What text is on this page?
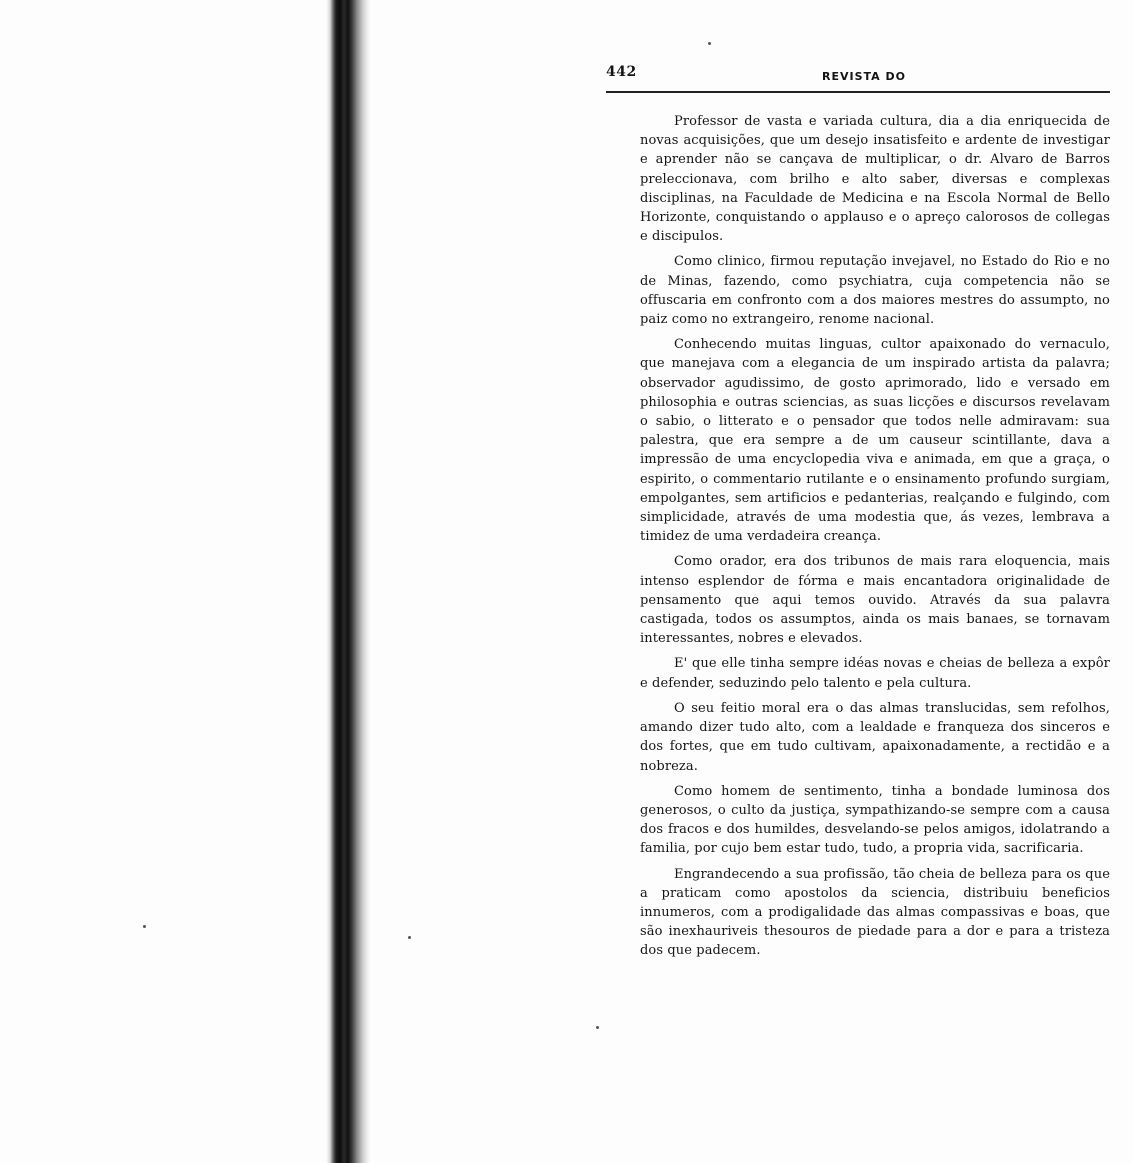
442	REVISTA DO

Professor de vasta e variada cultura, dia a dia enriquecida de novas acquisições, que um desejo insatisfeito e ardente de investigar e aprender não se cançava de multiplicar, o dr. Alvaro de Barros preleccionava, com brilho e alto saber, diversas e complexas disciplinas, na Faculdade de Medicina e na Escola Normal de Bello Horizonte, conquistando o applauso e o apreço calorosos de collegas e discipulos.

Como clinico, firmou reputação invejavel, no Estado do Rio e no de Minas, fazendo, como psychiatra, cuja competencia não se offuscaria em confronto com a dos maiores mestres do assumpto, no paiz como no extrangeiro, renome nacional.

Conhecendo muitas linguas, cultor apaixonado do vernaculo, que manejava com a elegancia de um inspirado artista da palavra; observador agudissimo, de gosto aprimorado, lido e versado em philosophia e outras sciencias, as suas licções e discursos revelavam o sabio, o litterato e o pensador que todos nelle admiravam: sua palestra, que era sempre a de um causeur scintillante, dava a impressão de uma encyclopedia viva e animada, em que a graça, o espirito, o commentario rutilante e o ensinamento profundo surgiam, empolgantes, sem artificios e pedanterias, realçando e fulgindo, com simplicidade, através de uma modestia que, ás vezes, lembrava a timidez de uma verdadeira creança.

Como orador, era dos tribunos de mais rara eloquencia, mais intenso esplendor de fórma e mais encantadora originalidade de pensamento que aqui temos ouvido. Através da sua palavra castigada, todos os assumptos, ainda os mais banaes, se tornavam interessantes, nobres e elevados.

E' que elle tinha sempre idéas novas e cheias de belleza a expôr e defender, seduzindo pelo talento e pela cultura.

O seu feitio moral era o das almas translucidas, sem refolhos, amando dizer tudo alto, com a lealdade e franqueza dos sinceros e dos fortes, que em tudo cultivam, apaixonadamente, a rectidão e a nobreza.

Como homem de sentimento, tinha a bondade luminosa dos generosos, o culto da justiça, sympathizando-se sempre com a causa dos fracos e dos humildes, desvelando-se pelos amigos, idolatrando a familia, por cujo bem estar tudo, tudo, a propria vida, sacrificaria.

Engrandecendo a sua profissão, tão cheia de belleza para os que a praticam como apostolos da sciencia, distribuiu beneficios innumeros, com a prodigalidade das almas compassivas e boas, que são inexhauriveis thesouros de piedade para a dor e para a tristeza dos que padecem.
